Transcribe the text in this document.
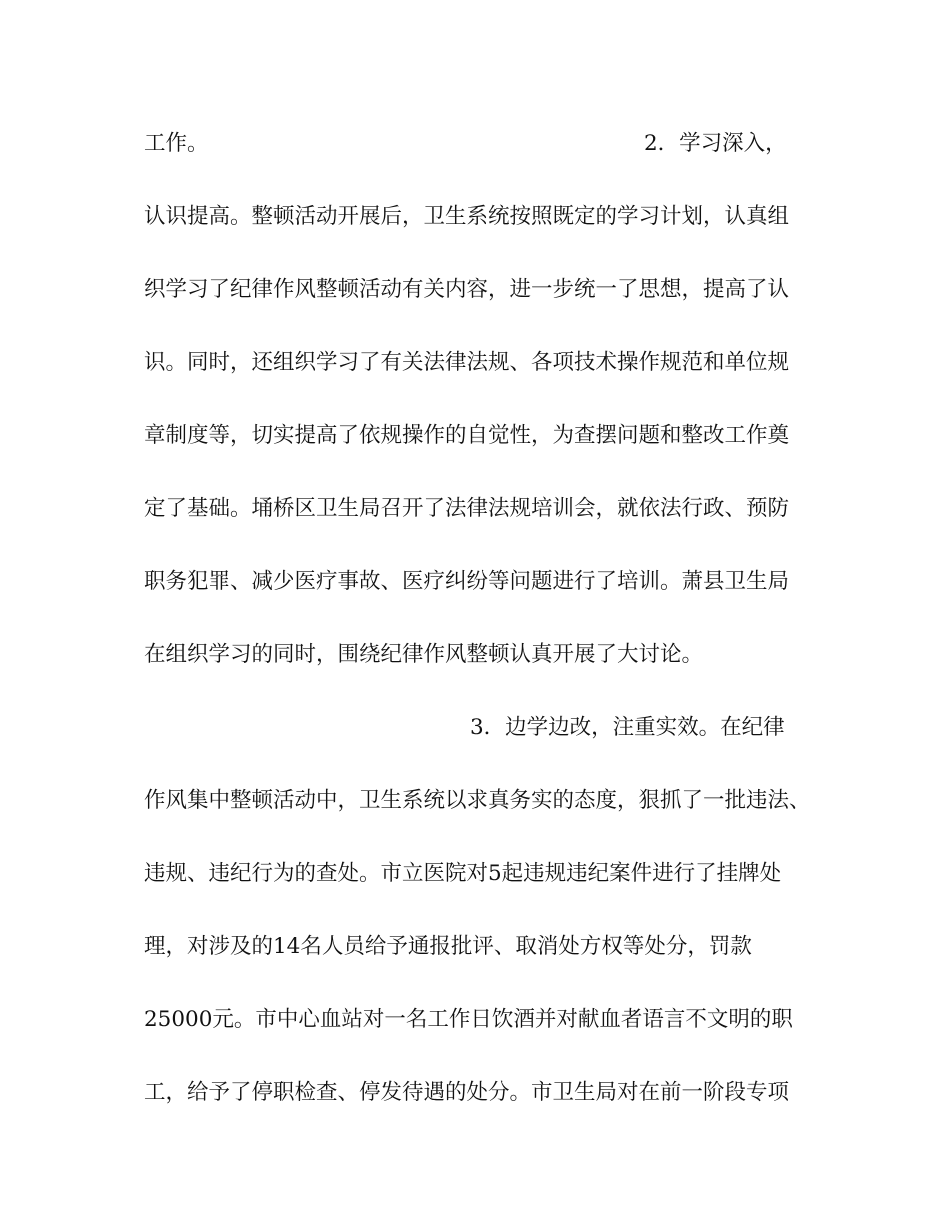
工作。	2．学习深入，
认识提高。整顿活动开展后，卫生系统按照既定的学习计划，认真组
织学习了纪律作风整顿活动有关内容，进一步统一了思想，提高了认
识。同时，还组织学习了有关法律法规、各项技术操作规范和单位规
章制度等，切实提高了依规操作的自觉性，为查摆问题和整改工作奠
定了基础。埇桥区卫生局召开了法律法规培训会，就依法行政、预防
职务犯罪、减少医疗事故、医疗纠纷等问题进行了培训。萧县卫生局
在组织学习的同时，围绕纪律作风整顿认真开展了大讨论。
3．边学边改，注重实效。在纪律
作风集中整顿活动中，卫生系统以求真务实的态度，狠抓了一批违法、
违规、违纪行为的查处。市立医院对5起违规违纪案件进行了挂牌处
理，对涉及的14名人员给予通报批评、取消处方权等处分，罚款
25000元。市中心血站对一名工作日饮酒并对献血者语言不文明的职
工，给予了停职检查、停发待遇的处分。市卫生局对在前一阶段专项
